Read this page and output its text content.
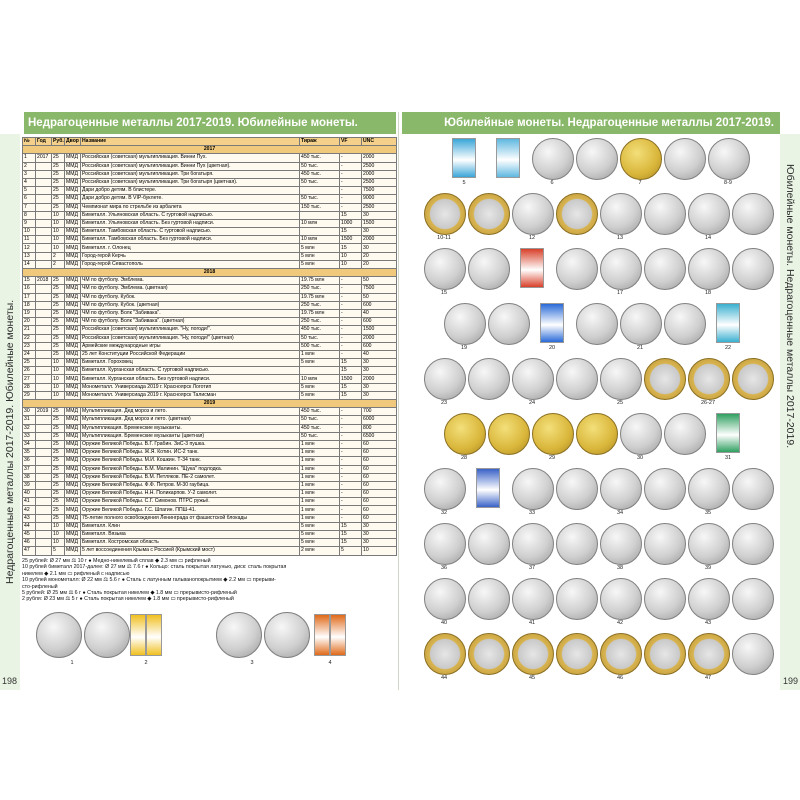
Недрагоценные металлы 2017-2019. Юбилейные монеты.
Недрагоценные металлы 2017-2019. Юбилейные монеты.
№	Год	Руб.	Двор	Название	Тираж	VF	UNC
2017							
1	2017	25	ММД	Российская (советская) мультипликация. Винни Пух.	450 тыс.	-	2000
2		25	ММД	Российская (советская) мультипликация. Винни Пух (цветная).	50 тыс.	-	2500
3		25	ММД	Российская (советская) мультипликация. Три богатыря.	450 тыс.	-	2000
4		25	ММД	Российская (советская) мультипликация. Три богатыря (цветная).	50 тыс.	-	2500
5		25	ММД	Дари добро детям. В блистере.		-	7500
6		25	ММД	Дари добро детям. В VIP-буклете.	50 тыс.	-	9000
7		25	ММД	Чемпионат мира по стрельбе из арбалета	150 тыс.	-	2500
8		10	ММД	Биметалл. Ульяновская область. С гуртовой надписью.		15	30
9		10	ММД	Биметалл. Ульяновская область. Без гуртовой надписи.	10 млн	1000	1500
10		10	ММД	Биметалл. Тамбовская область. С гуртовой надписью.		15	30
11		10	ММД	Биметалл. Тамбовская область. Без гуртовой надписи.	10 млн	1500	2000
12		10	ММД	Биметалл. г. Олонец	5 млн	15	30
13		2	ММД	Город-герой Керчь	5 млн	10	20
14		2	ММД	Город-герой Севастополь	5 млн	10	20
2018							
15	2018	25	ММД	ЧМ по футболу. Эмблема.	19.75 млн	-	50
16		25	ММД	ЧМ по футболу. Эмблема. (цветная)	250 тыс.	-	7500
17		25	ММД	ЧМ по футболу. Кубок.	19.75 млн	-	50
18		25	ММД	ЧМ по футболу. Кубок. (цветная)	250 тыс.	-	600
19		25	ММД	ЧМ по футболу. Волк "Забивака".	19.75 млн	-	40
20		25	ММД	ЧМ по футболу. Волк "Забивака". (цветная)	250 тыс.	-	600
21		25	ММД	Российская (советская) мультипликация. "Ну, погоди!".	450 тыс.	-	1500
22		25	ММД	Российская (советская) мультипликация. "Ну, погоди!" (цветная)	50 тыс.	-	2000
23		25	ММД	Армейские международные игры	500 тыс.	-	600
24		25	ММД	25 лет Конституции Российской Федерации	1 млн	-	40
25		10	ММД	Биметалл. Гороховец	5 млн	15	30
26		10	ММД	Биметалл. Курганская область. С гуртовой надписью.		15	30
27		10	ММД	Биметалл. Курганская область. Без гуртовой надписи.	10 млн	1500	2000
28		10	ММД	Монометалл. Универсиада 2019 г. Красноярск Логотип	5 млн	15	30
29		10	ММД	Монометалл. Универсиада 2019 г. Красноярск Талисман	5 млн	15	30
2019							
30	2019	25	ММД	Мультипликация. Дед мороз и лето.	450 тыс.	-	700
31		25	ММД	Мультипликация. Дед мороз и лето. (цветная)	50 тыс.	-	6000
32		25	ММД	Мультипликация. Бременские музыканты.	450 тыс.	-	800
33		25	ММД	Мультипликация. Бременские музыканты (цветная)	50 тыс.	-	6500
34		25	ММД	Оружие Великой Победы. В.Г. Грабин. ЗиС-3 пушка.	1 млн	-	60
35		25	ММД	Оружие Великой Победы. Ж.Я. Котин. ИС-2 танк.	1 млн	-	60
36		25	ММД	Оружие Великой Победы. М.И. Кошкин. Т-34 танк.	1 млн	-	60
37		25	ММД	Оружие Великой Победы. Б.М. Малинин. "Щука" подлодка.	1 млн	-	60
38		25	ММД	Оружие Великой Победы. В.М. Петляков. ПЕ-2 самолет.	1 млн	-	60
39		25	ММД	Оружие Великой Победы. Ф.Ф. Петров. М-30 гаубица.	1 млн	-	60
40		25	ММД	Оружие Великой Победы. Н.Н. Поликарпов. У-2 самолет.	1 млн	-	60
41		25	ММД	Оружие Великой Победы. С.Г. Симонов. ПТРС ружьё.	1 млн	-	60
42		25	ММД	Оружие Великой Победы. Г.С. Шпагин. ППШ-41.	1 млн	-	60
43		25	ММД	75-летие полного освобождения Ленинграда от фашистской блокады	1 млн	-	60
44		10	ММД	Биметалл. Клин	5 млн	15	30
45		10	ММД	Биметалл. Вязьма	5 млн	15	30
46		10	ММД	Биметалл. Костромская область	5 млн	15	30
47		5	ММД	5 лет воссоединения Крыма с Россией (Крымский мост)	2 млн	5	10
25 рублей: Ø 27 мм ⚖ 10 г ● Медно-никелевый сплав ◆ 2.3 мм ▭ рифленый
10 рублей биметалл 2017-далее: Ø 27 мм ⚖ 7.6 г ● Кольцо: сталь покрытая латунью, диск: сталь покрытая
никелем ◆ 2.1 мм ▭ рифленый с надписью
10 рублей монометалл: Ø 22 мм ⚖ 5.6 г ● Сталь с латунным гальванопокрытием ◆ 2.2 мм ▭ прерыви-
сто-рифленый
5 рублей: Ø 25 мм ⚖ 6 г ● Сталь покрытая никелем ◆ 1.8 мм ▭ прерывисто-рифленый
2 рубля: Ø 23 мм ⚖ 5 г ● Сталь покрытая никелем ◆ 1.8 мм ▭ прерывисто-рифленый
1	2	3	4
198
Юбилейные монеты. Недрагоценные металлы 2017-2019.
Юбилейные монеты. Недрагоценные металлы 2017-2019.
5	6	7	8-9
10-11	12	13	14
15	17	18
19	20	21	22
23	24	25	26-27
28	29	30	31
32	33	34	35
36	37	38	39
40	41	42	43
44	45	46	47	199
